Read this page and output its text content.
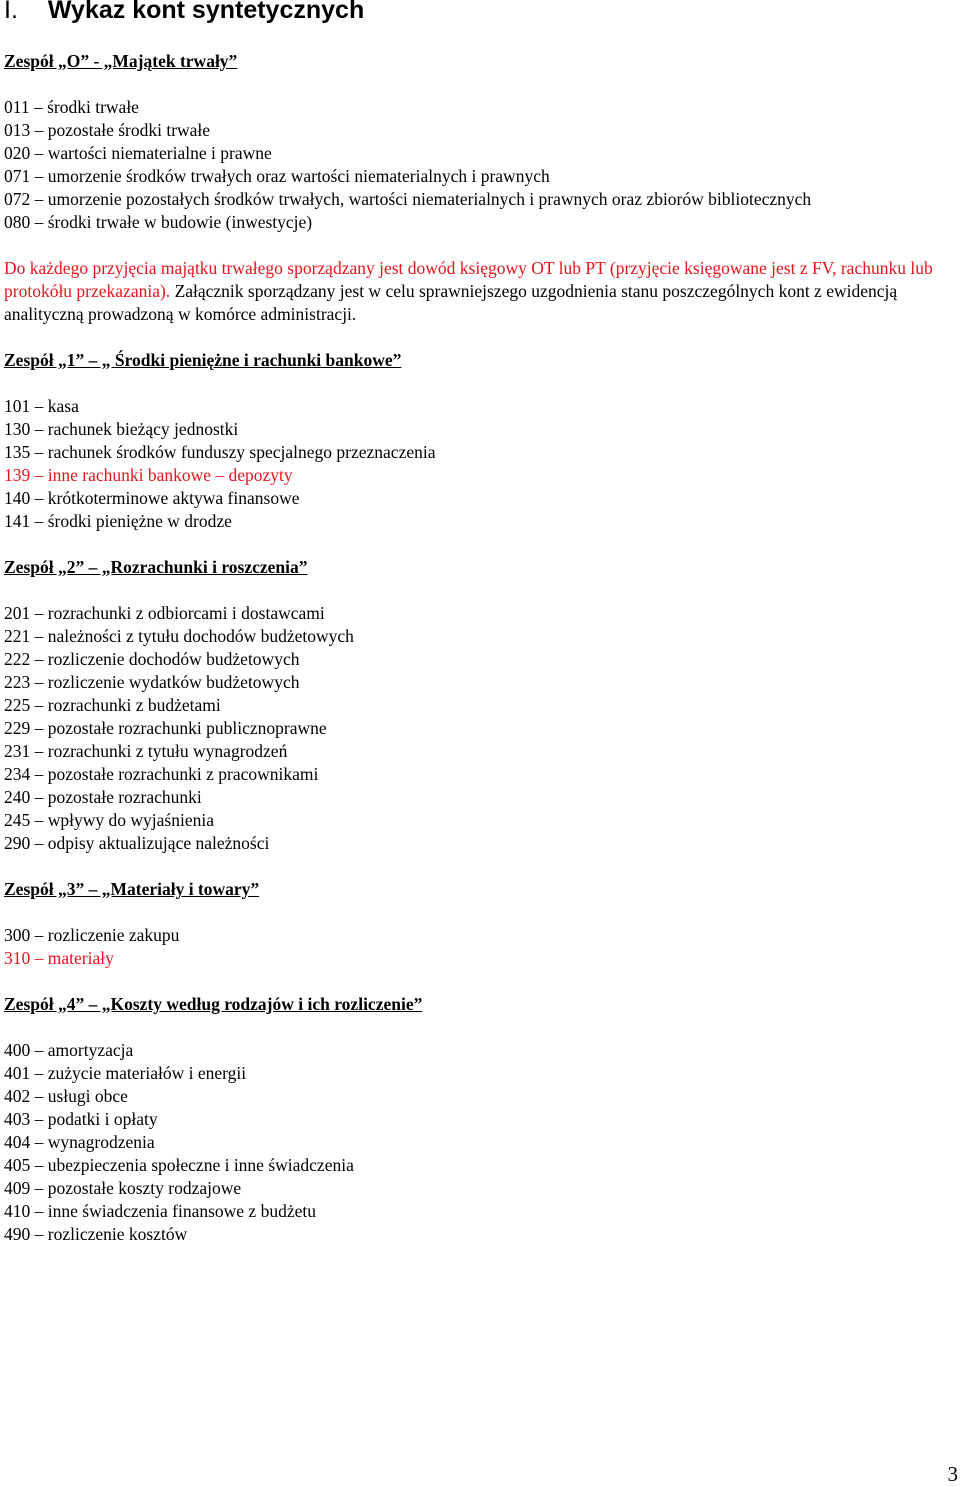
I. Wykaz kont syntetycznych
Zespół „O” - „Majątek trwały”
011 – środki trwałe
013 – pozostałe środki trwałe
020 – wartości niematerialne i prawne
071 – umorzenie środków trwałych oraz wartości niematerialnych i prawnych
072 – umorzenie pozostałych środków trwałych, wartości niematerialnych i prawnych oraz zbiorów bibliotecznych
080 – środki trwałe w budowie (inwestycje)

Do każdego przyjęcia majątku trwałego sporządzany jest dowód księgowy OT lub PT (przyjęcie księgowane jest z FV, rachunku lub protokółu przekazania). Załącznik sporządzany jest w celu sprawniejszego uzgodnienia stanu poszczególnych kont z ewidencją analityczną prowadzoną w komórce administracji.

Zespół „1” – „ Środki pieniężne i rachunki bankowe”
101 – kasa
130 – rachunek bieżący jednostki
135 – rachunek środków funduszy specjalnego przeznaczenia
139 – inne rachunki bankowe – depozyty
140 – krótkoterminowe aktywa finansowe
141 – środki pieniężne w drodze
Zespół „2” – „Rozrachunki i roszczenia”
201 – rozrachunki z odbiorcami i dostawcami
221 – należności z tytułu dochodów budżetowych
222 – rozliczenie dochodów budżetowych
223 – rozliczenie wydatków budżetowych
225 – rozrachunki z budżetami
229 – pozostałe rozrachunki publicznoprawne
231 – rozrachunki z tytułu wynagrodzeń
234 – pozostałe rozrachunki z pracownikami
240 – pozostałe rozrachunki
245 – wpływy do wyjaśnienia
290 – odpisy aktualizujące należności
Zespół „3” – „Materiały i towary”
300 – rozliczenie zakupu
310 – materiały
Zespół „4” – „Koszty według rodzajów i ich rozliczenie”
400 – amortyzacja
401 – zużycie materiałów i energii
402 – usługi obce
403 – podatki i opłaty
404 – wynagrodzenia
405 – ubezpieczenia społeczne i inne świadczenia
409 – pozostałe koszty rodzajowe
410 – inne świadczenia finansowe z budżetu
490 – rozliczenie kosztów
3
